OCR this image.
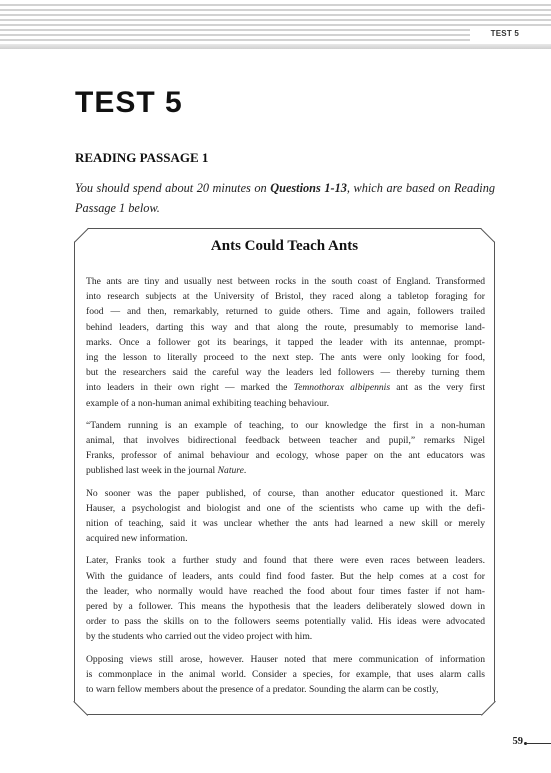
TEST 5
TEST 5
READING PASSAGE 1

You should spend about 20 minutes on Questions 1-13, which are based on Reading Passage 1 below.

Ants Could Teach Ants

The ants are tiny and usually nest between rocks in the south coast of England. Transformed
into research subjects at the University of Bristol, they raced along a tabletop foraging for
food — and then, remarkably, returned to guide others. Time and again, followers trailed
behind leaders, darting this way and that along the route, presumably to memorise land-
marks. Once a follower got its bearings, it tapped the leader with its antennae, prompt-
ing the lesson to literally proceed to the next step. The ants were only looking for food,
but the researchers said the careful way the leaders led followers — thereby turning them
into leaders in their own right — marked the Temnothorax albipennis ant as the very first
example of a non-human animal exhibiting teaching behaviour.

“Tandem running is an example of teaching, to our knowledge the first in a non-human
animal, that involves bidirectional feedback between teacher and pupil,” remarks Nigel
Franks, professor of animal behaviour and ecology, whose paper on the ant educators was
published last week in the journal Nature.

No sooner was the paper published, of course, than another educator questioned it. Marc
Hauser, a psychologist and biologist and one of the scientists who came up with the defi-
nition of teaching, said it was unclear whether the ants had learned a new skill or merely
acquired new information.

Later, Franks took a further study and found that there were even races between leaders.
With the guidance of leaders, ants could find food faster. But the help comes at a cost for
the leader, who normally would have reached the food about four times faster if not ham-
pered by a follower. This means the hypothesis that the leaders deliberately slowed down in
order to pass the skills on to the followers seems potentially valid. His ideas were advocated
by the students who carried out the video project with him.

Opposing views still arose, however. Hauser noted that mere communication of information
is commonplace in the animal world. Consider a species, for example, that uses alarm calls
to warn fellow members about the presence of a predator. Sounding the alarm can be costly,

59
